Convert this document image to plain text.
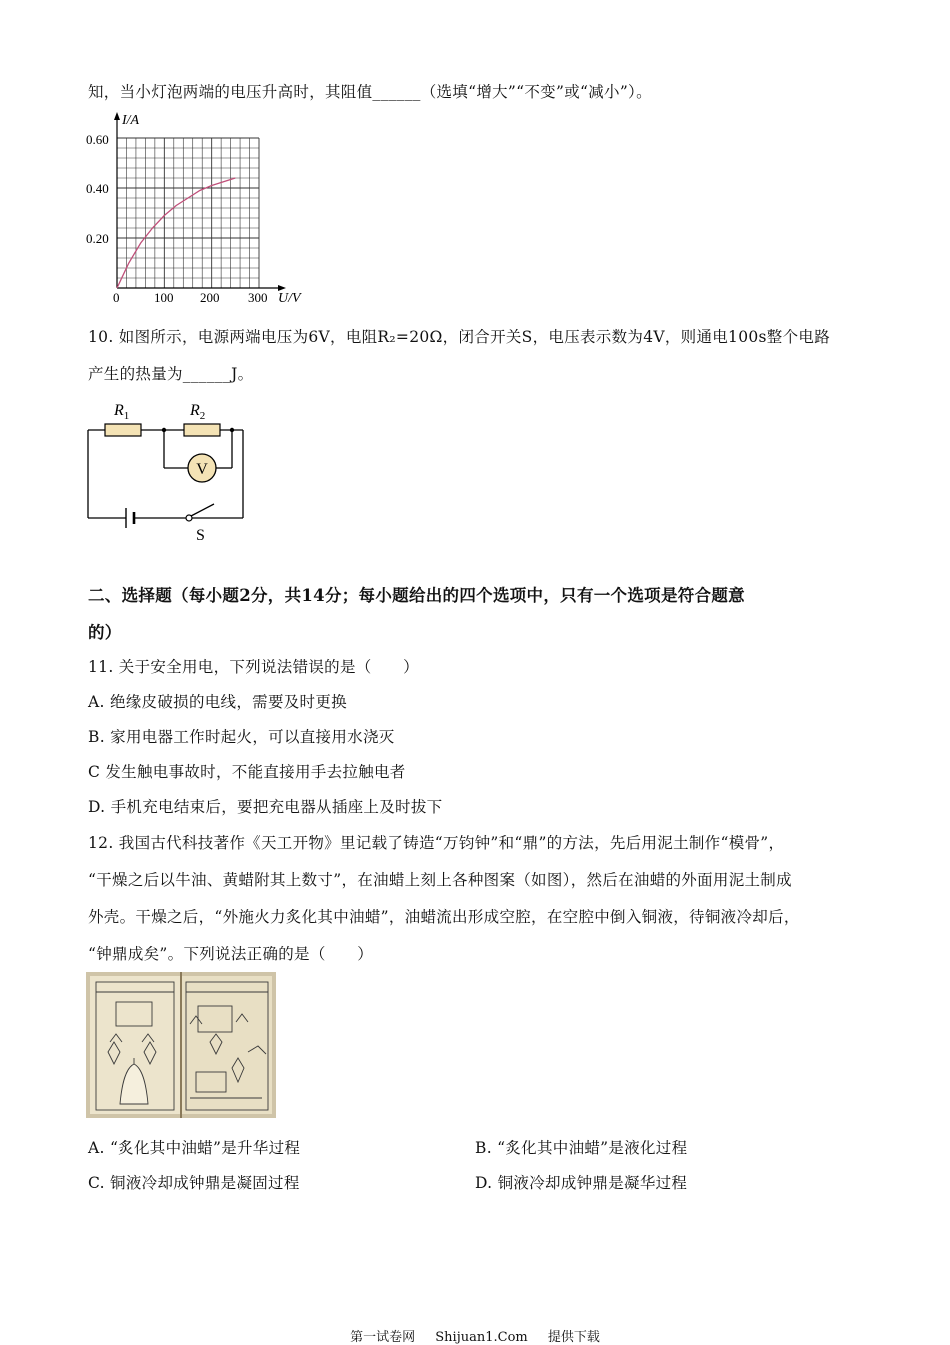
知，当小灯泡两端的电压升高时，其阻值______（选填“增大”“不变”或“减小”）。
I/A
U/V
0.60
0.40
0.20
0	100 200 300
10. 如图所示，电源两端电压为6V，电阻R₂=20Ω，闭合开关S，电压表示数为4V，则通电100s整个电路
产生的热量为______J。
$R_1$	$R_2$
V
S
二、选择题（每小题2分，共14分；每小题给出的四个选项中，只有一个选项是符合题意
的）
11. 关于安全用电，下列说法错误的是（　　）
A. 绝缘皮破损的电线，需要及时更换
B. 家用电器工作时起火，可以直接用水浇灭
C 发生触电事故时，不能直接用手去拉触电者
D. 手机充电结束后，要把充电器从插座上及时拔下
12. 我国古代科技著作《天工开物》里记载了铸造“万钧钟”和“鼎”的方法，先后用泥土制作“模骨”，
“干燥之后以牛油、黄蜡附其上数寸”，在油蜡上刻上各种图案（如图），然后在油蜡的外面用泥土制成
外壳。干燥之后，“外施火力炙化其中油蜡”，油蜡流出形成空腔，在空腔中倒入铜液，待铜液冷却后，
“钟鼎成矣”。下列说法正确的是（　　）
A. “炙化其中油蜡”是升华过程	B. “炙化其中油蜡”是液化过程
C. 铜液冷却成钟鼎是凝固过程	D. 铜液冷却成钟鼎是凝华过程
第一试卷网 Shijuan1.Com 提供下载
